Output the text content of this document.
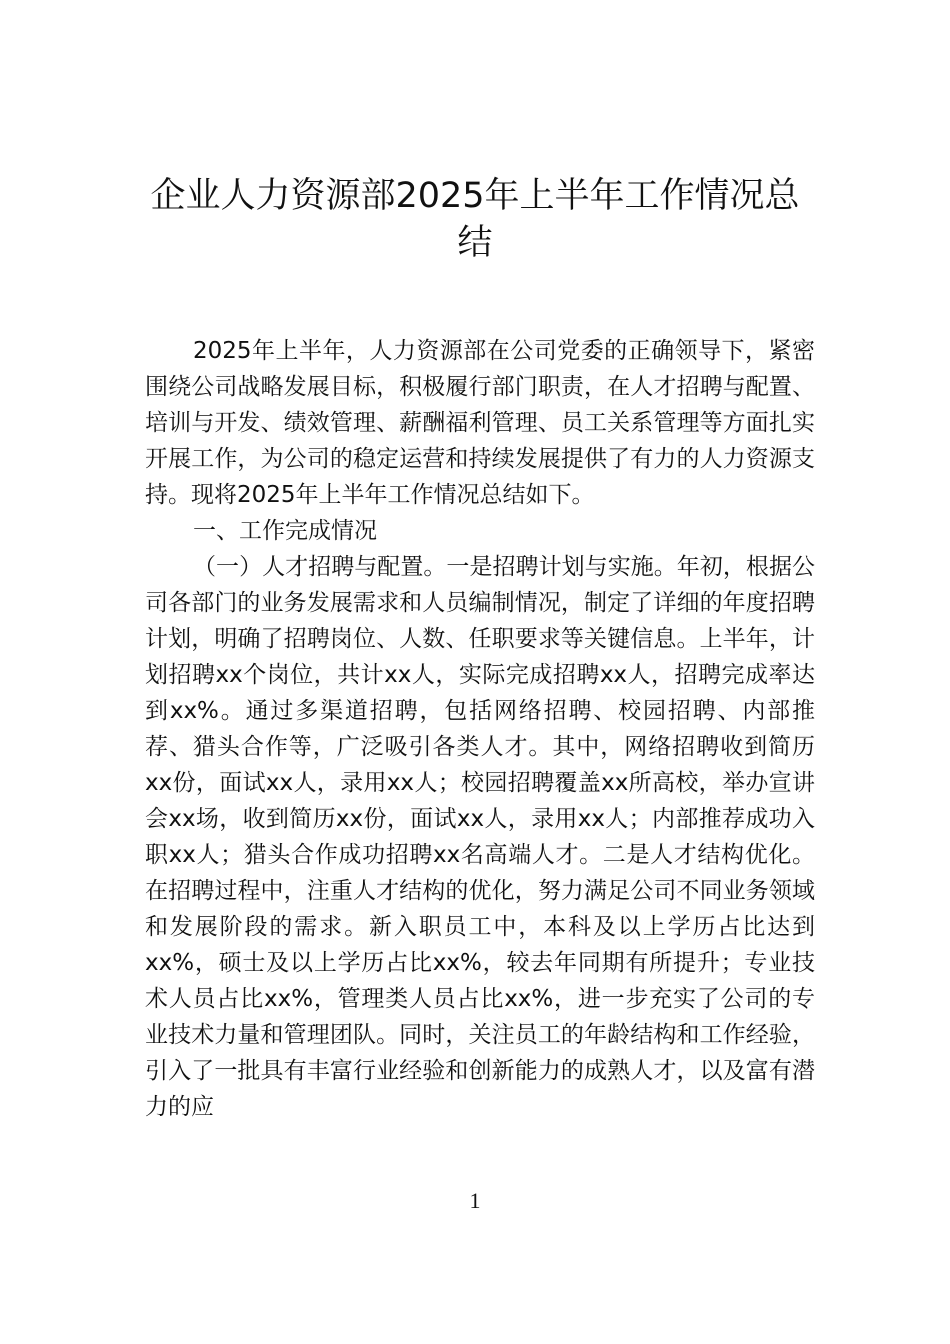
企业人力资源部2025年上半年工作情况总
结

2025年上半年，人力资源部在公司党委的正确领导下，紧密围绕公司战略发展目标，积极履行部门职责，在人才招聘与配置、培训与开发、绩效管理、薪酬福利管理、员工关系管理等方面扎实开展工作，为公司的稳定运营和持续发展提供了有力的人力资源支持。现将2025年上半年工作情况总结如下。

一、工作完成情况

（一）人才招聘与配置。一是招聘计划与实施。年初，根据公司各部门的业务发展需求和人员编制情况，制定了详细的年度招聘计划，明确了招聘岗位、人数、任职要求等关键信息。上半年，计划招聘xx个岗位，共计xx人，实际完成招聘xx人，招聘完成率达到xx%。通过多渠道招聘，包括网络招聘、校园招聘、内部推荐、猎头合作等，广泛吸引各类人才。其中，网络招聘收到简历xx份，面试xx人，录用xx人；校园招聘覆盖xx所高校，举办宣讲会xx场，收到简历xx份，面试xx人，录用xx人；内部推荐成功入职xx人；猎头合作成功招聘xx名高端人才。二是人才结构优化。在招聘过程中，注重人才结构的优化，努力满足公司不同业务领域和发展阶段的需求。新入职员工中，本科及以上学历占比达到xx%，硕士及以上学历占比xx%，较去年同期有所提升；专业技术人员占比xx%，管理类人员占比xx%，进一步充实了公司的专业技术力量和管理团队。同时，关注员工的年龄结构和工作经验，引入了一批具有丰富行业经验和创新能力的成熟人才，以及富有潜力的应

1
